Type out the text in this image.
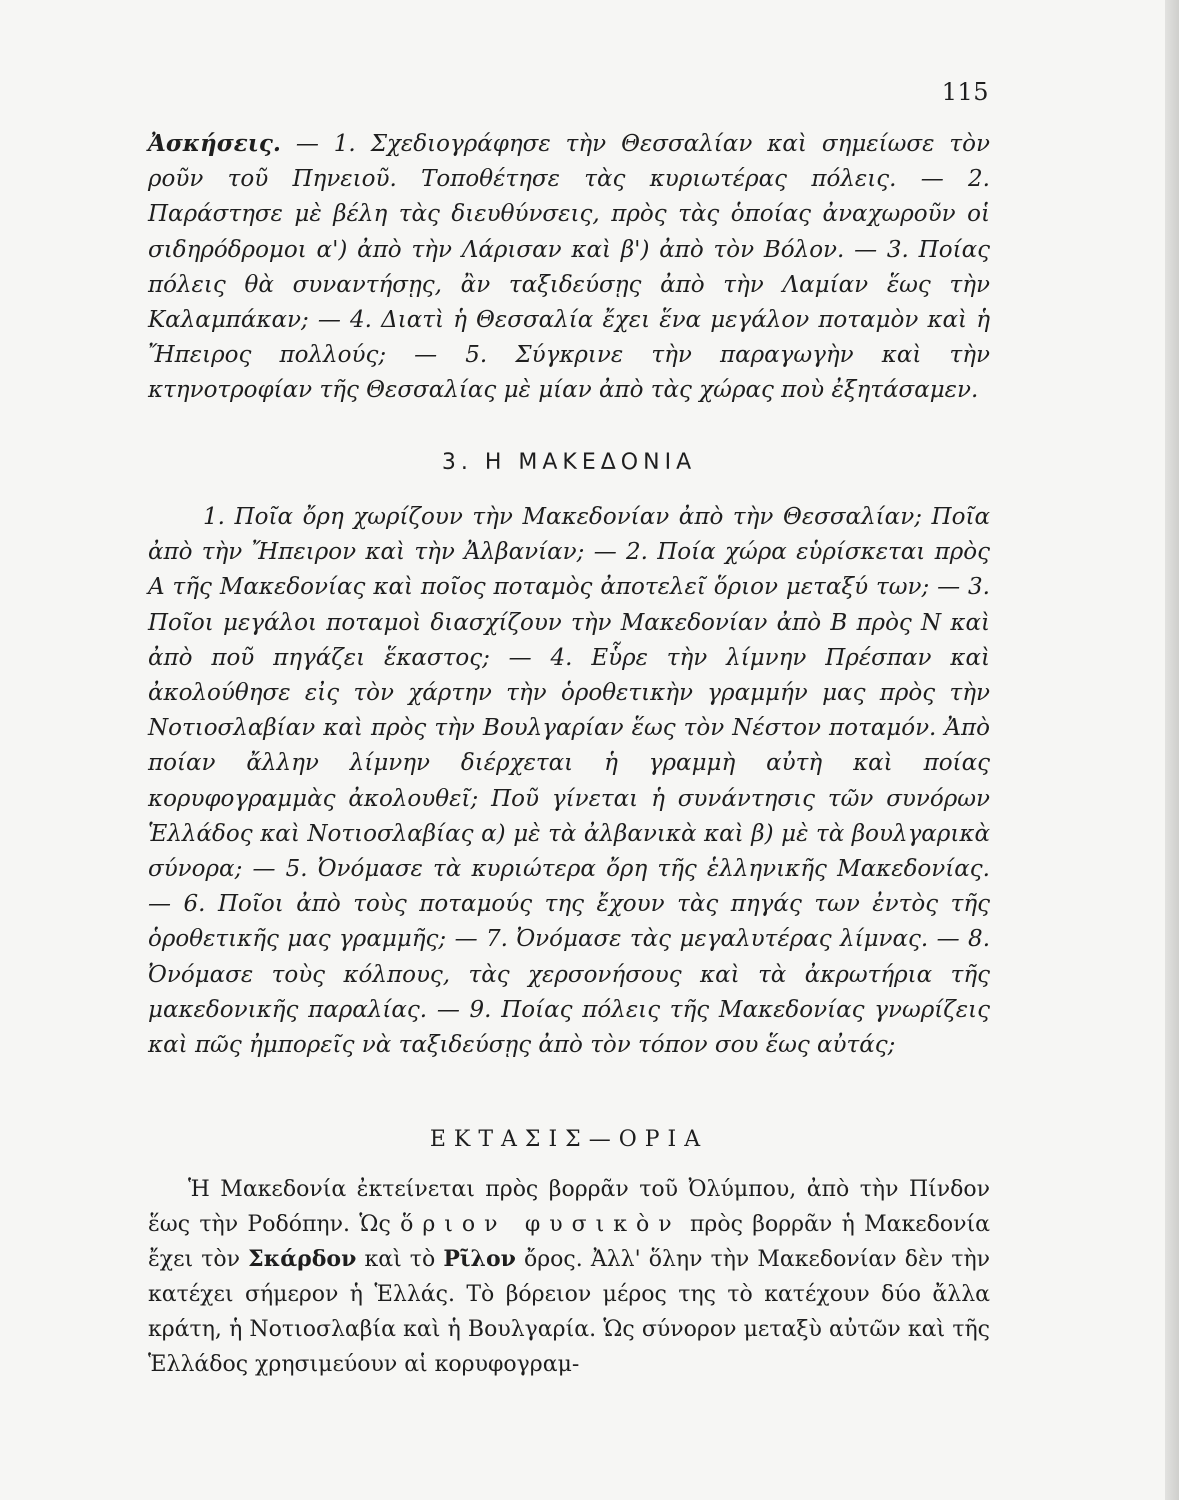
115

Ἀσκήσεις. — 1. Σχεδιογράφησε τὴν Θεσσαλίαν καὶ σημείωσε τὸν ροῦν τοῦ Πηνειοῦ. Τοποθέτησε τὰς κυριωτέρας πόλεις. — 2. Παράστησε μὲ βέλη τὰς διευθύνσεις, πρὸς τὰς ὁποίας ἀναχωροῦν οἱ σιδηρόδρομοι α') ἀπὸ τὴν Λάρισαν καὶ β') ἀπὸ τὸν Βόλον. — 3. Ποίας πόλεις θὰ συναντήσῃς, ἂν ταξιδεύσῃς ἀπὸ τὴν Λαμίαν ἕως τὴν Καλαμπάκαν; — 4. Διατὶ ἡ Θεσσαλία ἔχει ἕνα μεγάλον ποταμὸν καὶ ἡ Ἤπειρος πολλούς; — 5. Σύγκρινε τὴν παραγωγὴν καὶ τὴν κτηνοτροφίαν τῆς Θεσσαλίας μὲ μίαν ἀπὸ τὰς χώρας ποὺ ἐξητάσαμεν.

3. Η ΜΑΚΕΔΟΝΙΑ

1. Ποῖα ὄρη χωρίζουν τὴν Μακεδονίαν ἀπὸ τὴν Θεσσαλίαν; Ποῖα ἀπὸ τὴν Ἤπειρον καὶ τὴν Ἀλβανίαν; — 2. Ποία χώρα εὑρίσκεται πρὸς Α τῆς Μακεδονίας καὶ ποῖος ποταμὸς ἀποτελεῖ ὅριον μεταξύ των; — 3. Ποῖοι μεγάλοι ποταμοὶ διασχίζουν τὴν Μακεδονίαν ἀπὸ Β πρὸς Ν καὶ ἀπὸ ποῦ πηγάζει ἕκαστος; — 4. Εὗρε τὴν λίμνην Πρέσπαν καὶ ἀκολούθησε εἰς τὸν χάρτην τὴν ὁροθετικὴν γραμμήν μας πρὸς τὴν Νοτιοσλαβίαν καὶ πρὸς τὴν Βουλγαρίαν ἕως τὸν Νέστον ποταμόν. Ἀπὸ ποίαν ἄλλην λίμνην διέρχεται ἡ γραμμὴ αὐτὴ καὶ ποίας κορυφογραμμὰς ἀκολουθεῖ; Ποῦ γίνεται ἡ συνάντησις τῶν συνόρων Ἑλλάδος καὶ Νοτιοσλαβίας α) μὲ τὰ ἀλβανικὰ καὶ β) μὲ τὰ βουλγαρικὰ σύνορα; — 5. Ὀνόμασε τὰ κυριώτερα ὄρη τῆς ἑλληνικῆς Μακεδονίας. — 6. Ποῖοι ἀπὸ τοὺς ποταμούς της ἔχουν τὰς πηγάς των ἐντὸς τῆς ὁροθετικῆς μας γραμμῆς; — 7. Ὀνόμασε τὰς μεγαλυτέρας λίμνας. — 8. Ὀνόμασε τοὺς κόλπους, τὰς χερσονήσους καὶ τὰ ἀκρωτήρια τῆς μακεδονικῆς παραλίας. — 9. Ποίας πόλεις τῆς Μακεδονίας γνωρίζεις καὶ πῶς ἠμπορεῖς νὰ ταξιδεύσῃς ἀπὸ τὸν τόπον σου ἕως αὐτάς;

ΕΚΤΑΣΙΣ—ΟΡΙΑ

Ἡ Μακεδονία ἐκτείνεται πρὸς βορρᾶν τοῦ Ὀλύμπου, ἀπὸ τὴν Πίνδον ἕως τὴν Ροδόπην. Ὡς ὅριον φυσικὸν πρὸς βορρᾶν ἡ Μακεδονία ἔχει τὸν Σκάρδον καὶ τὸ Ρῖλον ὄρος. Ἀλλ' ὅλην τὴν Μακεδονίαν δὲν τὴν κατέχει σήμερον ἡ Ἑλλάς. Τὸ βόρειον μέρος της τὸ κατέχουν δύο ἄλλα κράτη, ἡ Νοτιοσλαβία καὶ ἡ Βουλγαρία. Ὡς σύνορον μεταξὺ αὐτῶν καὶ τῆς Ἑλλάδος χρησιμεύουν αἱ κορυφογραμ-
